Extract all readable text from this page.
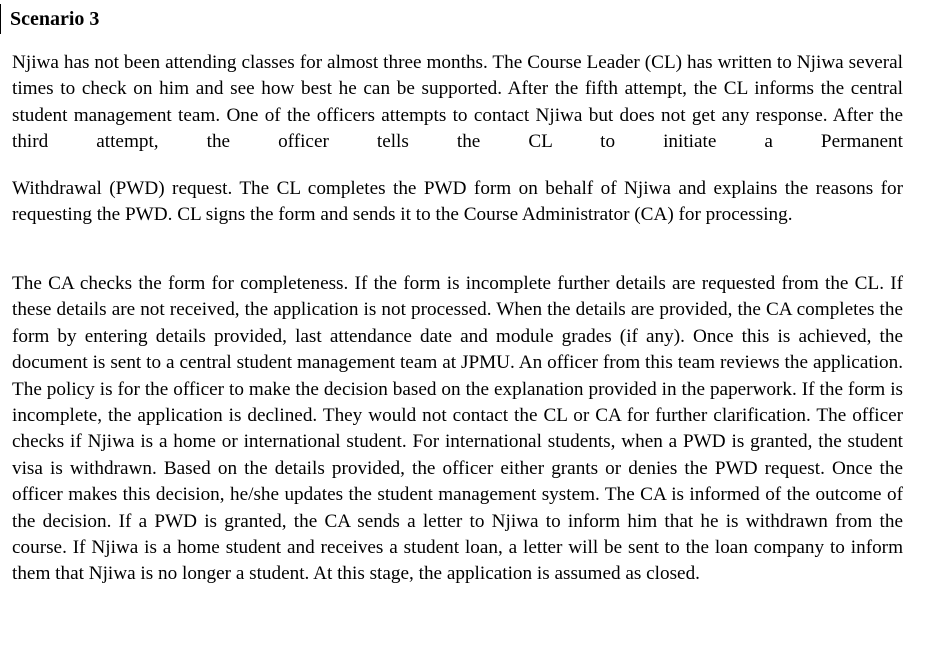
Scenario 3

Njiwa has not been attending classes for almost three months. The Course Leader (CL) has written to Njiwa several times to check on him and see how best he can be supported. After the fifth attempt, the CL informs the central student management team. One of the officers attempts to contact Njiwa but does not get any response. After the third attempt, the officer tells the CL to initiate a Permanent

Withdrawal (PWD) request. The CL completes the PWD form on behalf of Njiwa and explains the reasons for requesting the PWD. CL signs the form and sends it to the Course Administrator (CA) for processing.

The CA checks the form for completeness. If the form is incomplete further details are requested from the CL. If these details are not received, the application is not processed. When the details are provided, the CA completes the form by entering details provided, last attendance date and module grades (if any). Once this is achieved, the document is sent to a central student management team at JPMU. An officer from this team reviews the application. The policy is for the officer to make the decision based on the explanation provided in the paperwork. If the form is incomplete, the application is declined. They would not contact the CL or CA for further clarification. The officer checks if Njiwa is a home or international student. For international students, when a PWD is granted, the student visa is withdrawn. Based on the details provided, the officer either grants or denies the PWD request. Once the officer makes this decision, he/she updates the student management system. The CA is informed of the outcome of the decision. If a PWD is granted, the CA sends a letter to Njiwa to inform him that he is withdrawn from the course. If Njiwa is a home student and receives a student loan, a letter will be sent to the loan company to inform them that Njiwa is no longer a student. At this stage, the application is assumed as closed.
